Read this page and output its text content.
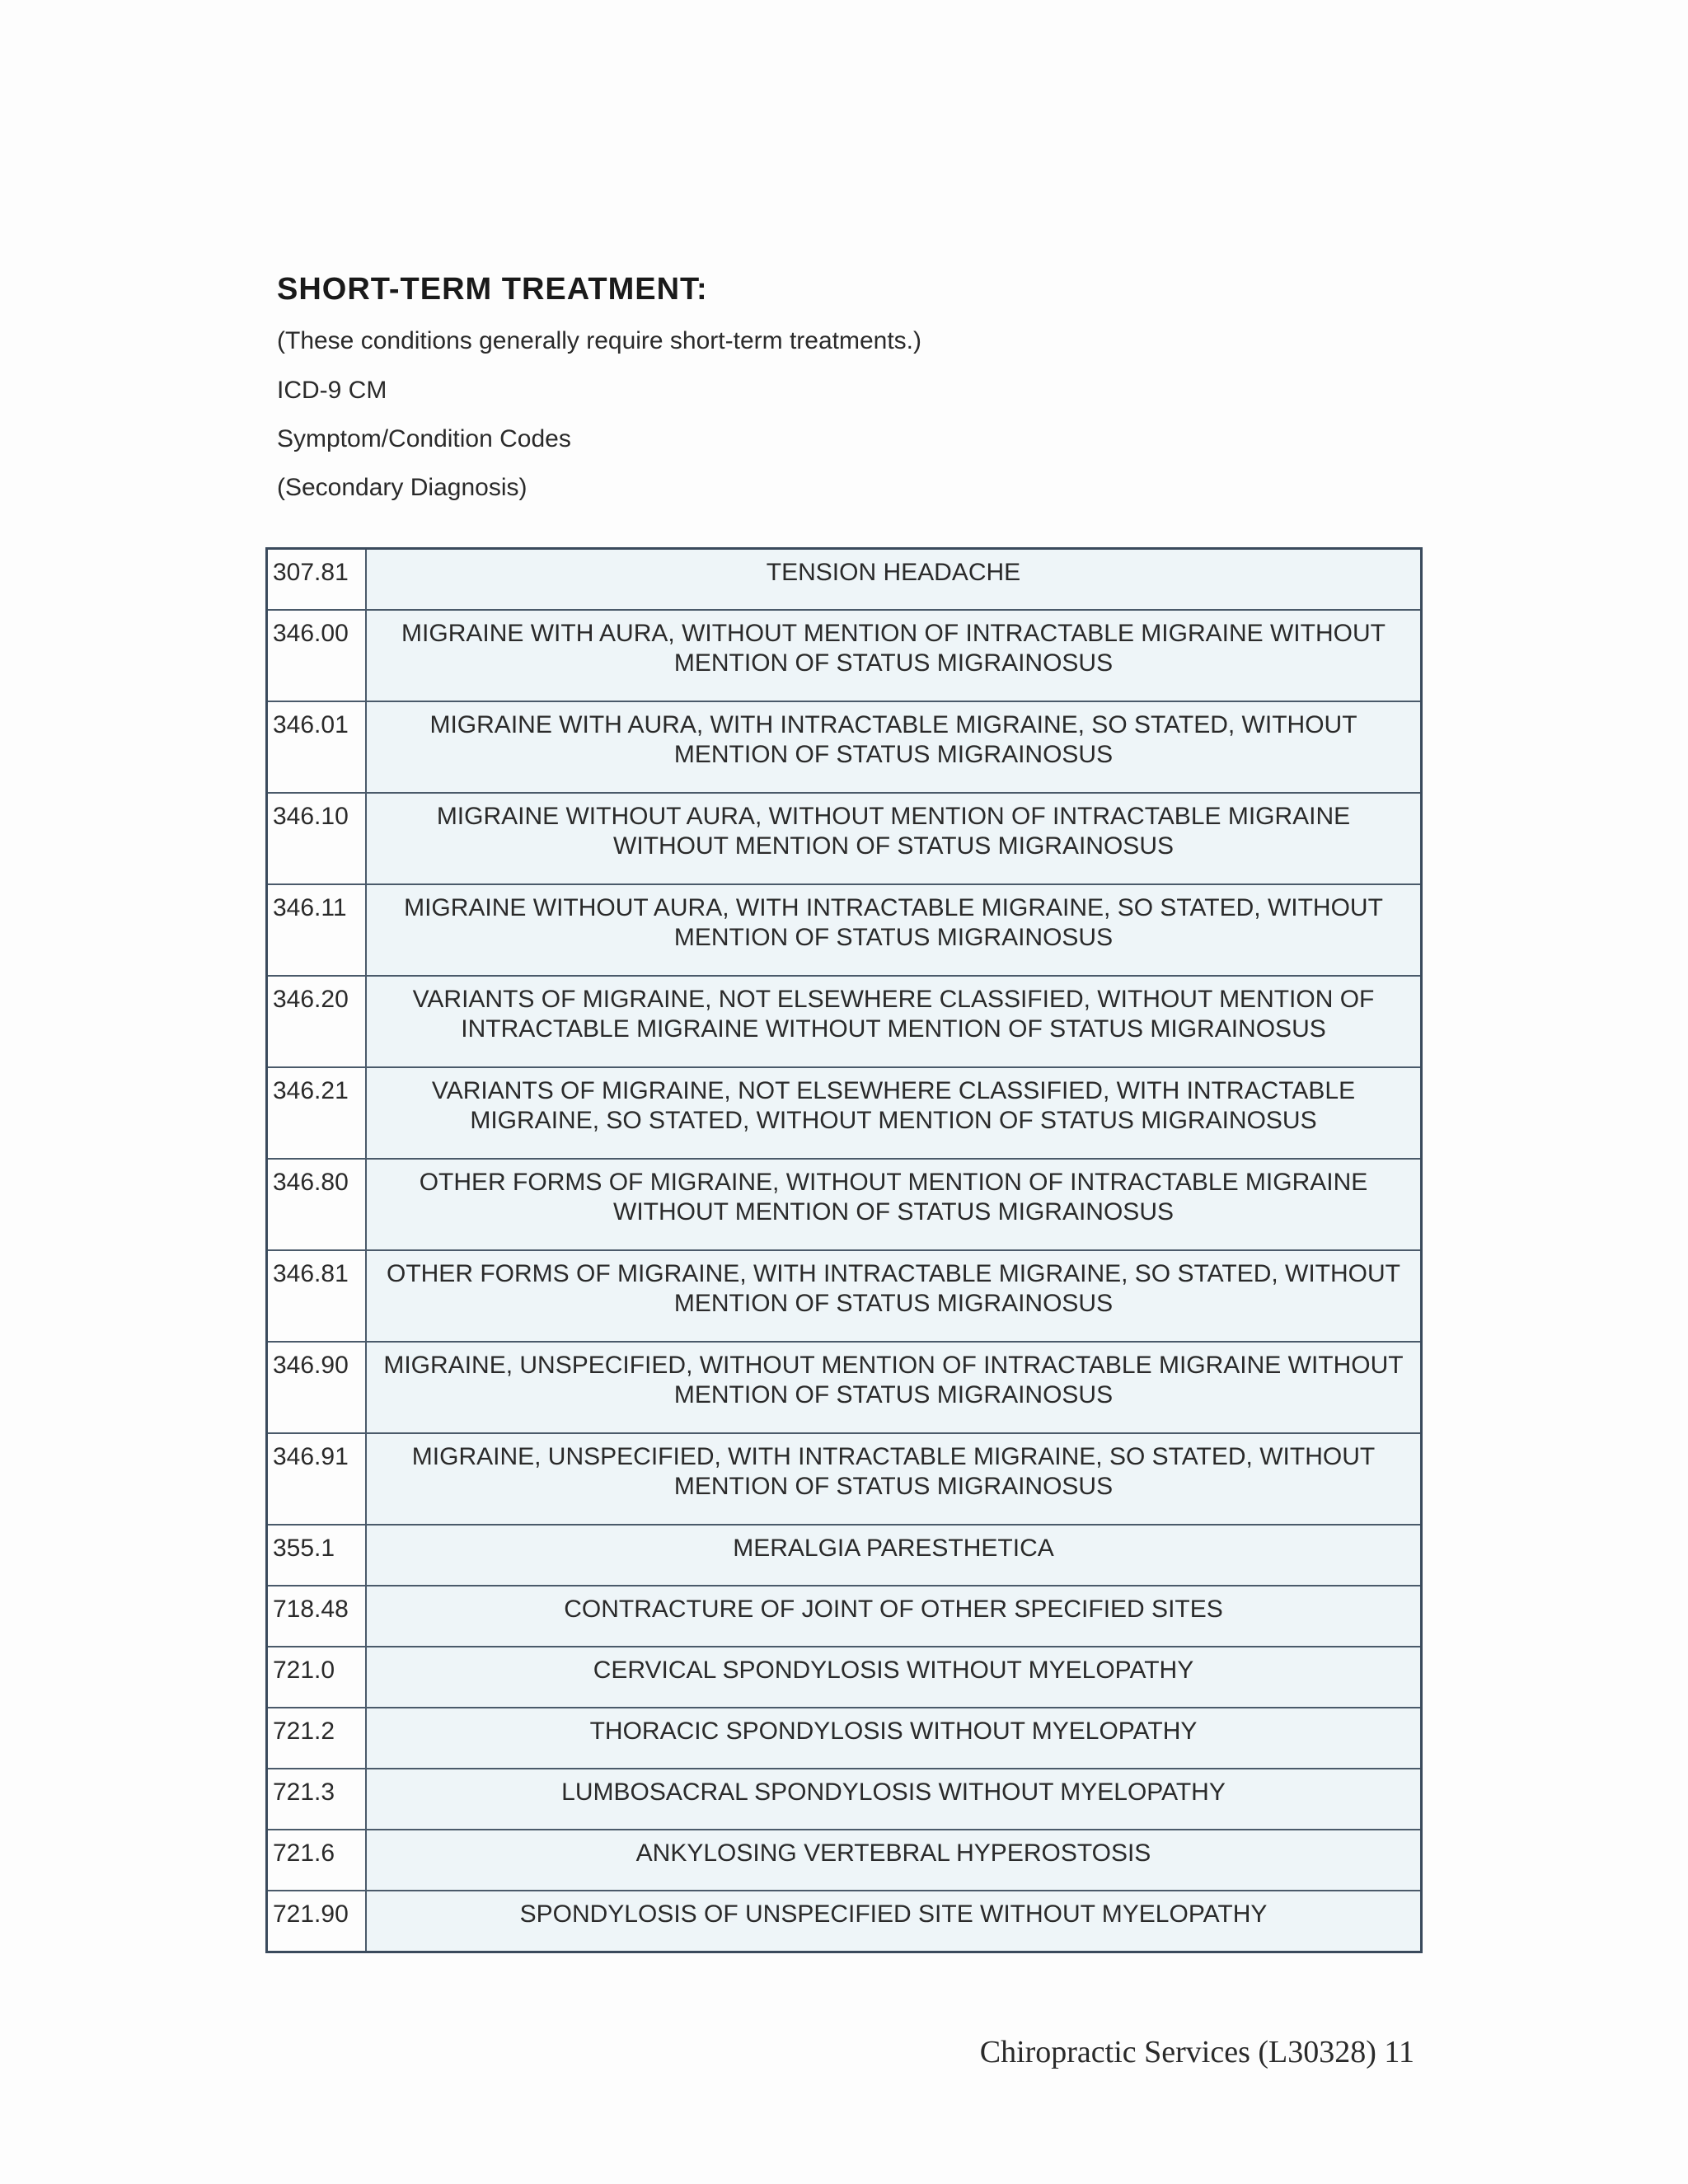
SHORT-TERM TREATMENT:
(These conditions generally require short-term treatments.)
ICD-9 CM
Symptom/Condition Codes
(Secondary Diagnosis)
307.81	TENSION HEADACHE
346.00	MIGRAINE WITH AURA, WITHOUT MENTION OF INTRACTABLE MIGRAINE WITHOUT MENTION OF STATUS MIGRAINOSUS
346.01	MIGRAINE WITH AURA, WITH INTRACTABLE MIGRAINE, SO STATED, WITHOUT MENTION OF STATUS MIGRAINOSUS
346.10	MIGRAINE WITHOUT AURA, WITHOUT MENTION OF INTRACTABLE MIGRAINE WITHOUT MENTION OF STATUS MIGRAINOSUS
346.11	MIGRAINE WITHOUT AURA, WITH INTRACTABLE MIGRAINE, SO STATED, WITHOUT MENTION OF STATUS MIGRAINOSUS
346.20	VARIANTS OF MIGRAINE, NOT ELSEWHERE CLASSIFIED, WITHOUT MENTION OF INTRACTABLE MIGRAINE WITHOUT MENTION OF STATUS MIGRAINOSUS
346.21	VARIANTS OF MIGRAINE, NOT ELSEWHERE CLASSIFIED, WITH INTRACTABLE MIGRAINE, SO STATED, WITHOUT MENTION OF STATUS MIGRAINOSUS
346.80	OTHER FORMS OF MIGRAINE, WITHOUT MENTION OF INTRACTABLE MIGRAINE WITHOUT MENTION OF STATUS MIGRAINOSUS
346.81	OTHER FORMS OF MIGRAINE, WITH INTRACTABLE MIGRAINE, SO STATED, WITHOUT MENTION OF STATUS MIGRAINOSUS
346.90	MIGRAINE, UNSPECIFIED, WITHOUT MENTION OF INTRACTABLE MIGRAINE WITHOUT MENTION OF STATUS MIGRAINOSUS
346.91	MIGRAINE, UNSPECIFIED, WITH INTRACTABLE MIGRAINE, SO STATED, WITHOUT MENTION OF STATUS MIGRAINOSUS
355.1	MERALGIA PARESTHETICA
718.48	CONTRACTURE OF JOINT OF OTHER SPECIFIED SITES
721.0	CERVICAL SPONDYLOSIS WITHOUT MYELOPATHY
721.2	THORACIC SPONDYLOSIS WITHOUT MYELOPATHY
721.3	LUMBOSACRAL SPONDYLOSIS WITHOUT MYELOPATHY
721.6	ANKYLOSING VERTEBRAL HYPEROSTOSIS
721.90	SPONDYLOSIS OF UNSPECIFIED SITE WITHOUT MYELOPATHY
Chiropractic Services (L30328) 11
